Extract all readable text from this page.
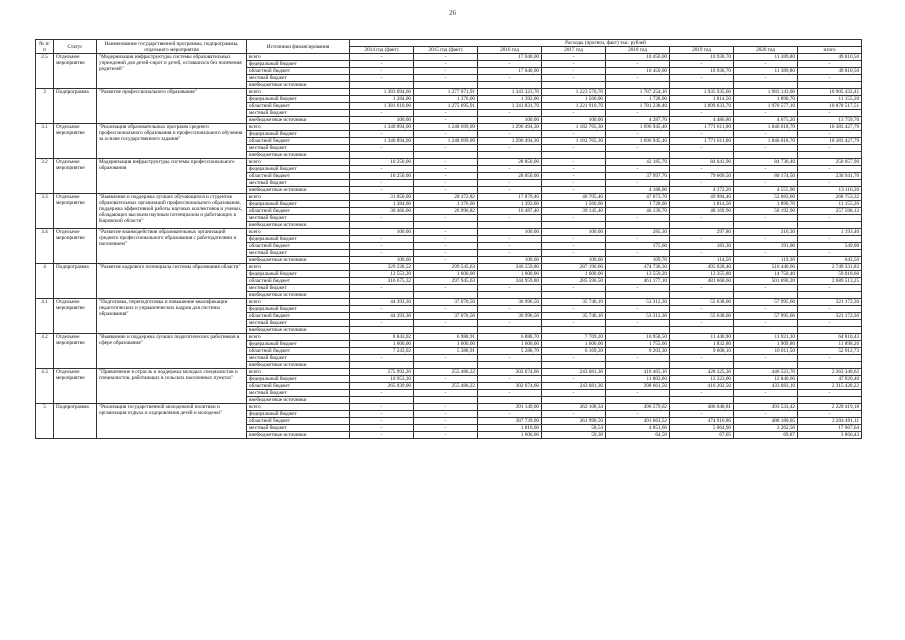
26
№ п/п	Статус	Наименование государственной программы, подпрограммы, отдельного мероприятия	Источники финансирования	Расходы (прогноз, факт) тыс. рублей							
				2014 год (факт)	2015 год (факт)	2016 год	2017 год	2018 год	2019 год	2020 год	итого
2.5	Отдельное мероприятие	"Модернизация инфраструктуры системы образовательных учреждений для детей-сирот и детей, оставшихся без попечения родителей"	всего	-	-	17 040,00	-	10 450,00	10 930,70	11 389,80	49 810,50
			федеральный бюджет	-	-	-	-	-	-	-	-
			областной бюджет	-	-	17 040,00	-	10 450,00	10 930,70	11 389,80	49 810,50
			местный бюджет	-	-	-	-	-	-	-	-
			внебюджетные источники								
3	Подпрограмма	"Развитие профессионального образования"	всего	1 383 094,00	1 277 071,91	1 343 323,70	1 223 570,70	1 787 254,10	1 935 935,00	1 983 143,00	10 905 432,41
			федеральный бюджет	1 284,00	1 376,00	1 392,00	1 560,00	1 728,00	1 814,50	1 890,70	11 155,20
			областной бюджет	1 381 610,00	1 275 695,91	1 341 831,70	1 221 910,70	1 781 238,40	1 899 633,70	1 976 577,10	10 878 517,51
			местный бюджет	-	-	-	-	-	-	-	-
			внебюджетные источники	100,00	-	100,00	100,00	4 287,70	4 486,80	4 675,20	13 759,70
3.1	Отдельное мероприятие	"Реализация образовательных программ среднего профессионального образования и профессионального обучения за основе государственного задания"	всего	1 340 894,00	1 248 699,09	1 296 494,30	1 182 765,30	1 696 945,40	1 771 611,00	1 846 018,70	10 383 427,79
			федеральный бюджет	-	-	-	-	-	-	-	-
			областной бюджет	1 340 894,00	1 248 699,09	1 296 494,30	1 182 765,30	1 696 945,40	1 771 611,00	1 846 018,70	10 383 427,79
			местный бюджет	-	-	-	-	-	-	-	-
			внебюджетные источники								
3.2	Отдельное мероприятие	Модернизация инфраструктуры системы профессионального образования	всего	10 250,00	-	28 850,00	-	42 185,70	84 041,90	84 730,40	250 057,90
			федеральный бюджет	-	-	-	-	-	-	-	-
			областной бюджет	10 250,00	-	28 850,00	-	37 997,70	79 669,50	80 174,50	236 941,70
			местный бюджет	-	-	-	-	-	-	-	-
			внебюджетные источники	-	-	-	-	4 188,00	4 372,20	4 555,90	13 116,20
3.3	Отдельное мероприятие	"Выявление и поддержка лучших обучающихся и студентов образовательных организаций профессионального образования, поддержка эффективной работы научных коллективов и ученых, обладающих высоким научным потенциалом и работающих в Кировской области"	всего	31 850,00	28 372,82	17 879,40	40 705,40	47 873,70	49 984,40	52 083,60	268 753,32
			федеральный бюджет	1 384,00	1 376,00	1 392,00	1 560,00	1 728,00	1 814,50	1 890,70	11 155,20
			областной бюджет	30 466,00	26 996,82	16 487,40	39 145,40	46 139,70	48 169,90	50 192,90	257 598,12
			местный бюджет	-	-	-	-	-	-	-	-
			внебюджетные источники								
3.4	Отдельное мероприятие	"Развитие взаимодействия образовательных организаций среднего профессионального образования с работодателями и населением"	всего	100,00	-	100,00	100,00	285,30	297,80	310,30	1 193,40
			федеральный бюджет	-	-	-	-	-	-	-	-
			областной бюджет	-	-	-	-	175,60	183,30	191,00	549,90
			местный бюджет	-	-	-	-	-	-	-	-
			внебюджетные источники	100,00	-	100,00	100,00	109,70	114,50	119,30	643,50
4	Подпрограмма	"Развитие кадрового потенциала системы образования области"	всего	329 228,52	299 545,63	346 559,80	287 196,60	474 736,30	495 028,40	516 440,60	2 749 331,83
			федеральный бюджет	12 553,20	1 600,00	1 600,00	1 600,00	13 559,20	13 355,80	14 750,40	59 018,60
			областной бюджет	316 675,32	297 945,63	344 959,80	285 596,50	461 177,10	481 668,60	501 690,20	2 689 513,25
			местный бюджет	-	-	-	-	-	-	-	-
			внебюджетные источники								
4.1	Отдельное мероприятие	"Подготовка, переподготовка и повышение квалификации педагогических и управленческих кадров для системы образования"	всего	44 393,30	37 070,50	36 996,50	35 746,10	53 312,30	55 638,00	57 995,60	321 172,30
			федеральный бюджет	-	-	-	-	-	-	-	-
			областной бюджет	44 393,30	37 070,50	36 996,50	35 746,10	53 312,30	55 638,00	57 995,60	321 172,30
			местный бюджет	-	-	-	-	-	-	-	-
			внебюджетные источники								
4.2	Отдельное мероприятие	"Выявление и поддержка лучших педагогических работников в сфере образования"	всего	8 843,02	6 988,91	6 888,70	7 769,20	10 958,50	11 440,90	11 921,30	64 810,43
			федеральный бюджет	1 600,00	1 600,00	1 600,00	1 600,00	1 755,60	1 832,80	1 909,80	11 898,20
			областной бюджет	7 243,02	5 388,91	5 288,70	6 169,20	9 203,30	9 608,10	10 011,50	52 912,73
			местный бюджет	-	-	-	-	-	-	-	-
			внебюджетные источники								
4.3	Отдельное мероприятие	"Привлечение в отрасль и поддержка молодых специалистов и специалистов, работающих в сельских населенных пунктах"	всего	275 992,20	255 486,22	302 674,60	243 681,30	410 465,10	428 325,30	446 523,70	2 363 348,62
			федеральный бюджет	10 953,20	-	-	-	11 803,60	12 323,00	12 840,60	47 920,40
			областной бюджет	265 039,00	255 486,22	302 674,60	243 681,30	398 661,50	416 202,50	433 683,10	2 315 428,22
			местный бюджет	-	-	-	-	-	-	-	-
			внебюджетные источники								
5	Подпрограмма	"Реализация государственной молодежной политики и организация отдыха и оздоровления детей и молодежи"	всего	-	-	391 149,00	362 108,34	496 579,62	486 048,81	493 533,42	2 229 419,18
			федеральный бюджет	-	-	-	-	-	-	-	-
			областной бюджет	-	-	387 739,00	361 990,50	491 663,52	474 916,86	488 180,05	2 204 491,11
			местный бюджет	-	-	1 810,00	58,54	4 851,60	5 064,90	3 262,50	17 067,64
			внебюджетные источники	-	-	1 600,00	59,30	64,50	67,05	69,87	3 860,43
